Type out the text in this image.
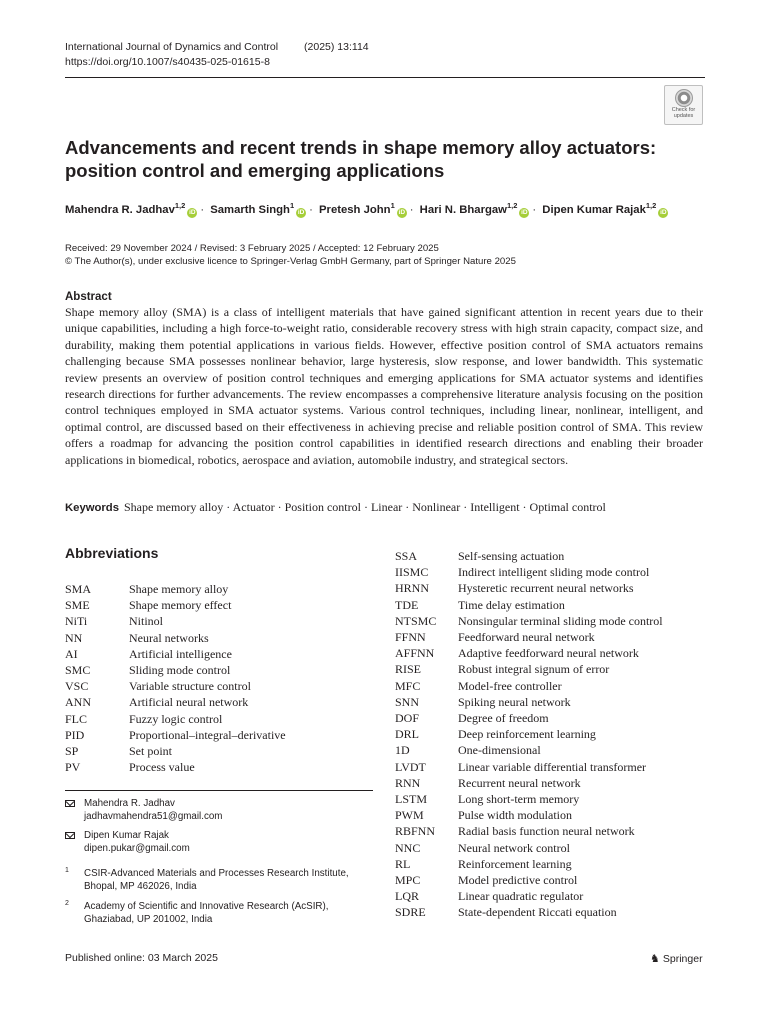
International Journal of Dynamics and Control (2025) 13:114
https://doi.org/10.1007/s40435-025-01615-8
Check for updates
Advancements and recent trends in shape memory alloy actuators:
position control and emerging applications
Mahendra R. Jadhav$^{1,2}$iD · Samarth Singh$^1$iD · Pretesh John$^1$iD · Hari N. Bhargaw$^{1,2}$iD · Dipen Kumar Rajak$^{1,2}$iD
Received: 29 November 2024 / Revised: 3 February 2025 / Accepted: 12 February 2025
© The Author(s), under exclusive licence to Springer-Verlag GmbH Germany, part of Springer Nature 2025
Abstract
Shape memory alloy (SMA) is a class of intelligent materials that have gained significant attention in recent years due to their unique capabilities, including a high force-to-weight ratio, considerable recovery stress with high strain capacity, compact size, and durability, making them potential applications in various fields. However, effective position control of SMA actuators remains challenging because SMA possesses nonlinear behavior, large hysteresis, slow response, and lower bandwidth. This systematic review presents an overview of position control techniques and emerging applications for SMA actuator systems and identifies research directions for further advancements. The review encompasses a comprehensive literature analysis focusing on the position control techniques employed in SMA actuator systems. Various control techniques, including linear, nonlinear, intelligent, and optimal control, are discussed based on their effectiveness in achieving precise and reliable position control of SMA. This review offers a roadmap for advancing the position control capabilities in identified research directions and enabling their broader applications in biomedical, robotics, aerospace and aviation, automobile industry, and strategical sectors.
Keywords Shape memory alloy · Actuator · Position control · Linear · Nonlinear · Intelligent · Optimal control
Abbreviations
SMA	Shape memory alloy
SME	Shape memory effect
NiTi	Nitinol
NN	Neural networks
AI	Artificial intelligence
SMC	Sliding mode control
VSC	Variable structure control
ANN	Artificial neural network
FLC	Fuzzy logic control
PID	Proportional–integral–derivative
SP	Set point
PV	Process value
SSA	Self-sensing actuation
IISMC Indirect intelligent sliding mode control
HRNN Hysteretic recurrent neural networks
TDE	Time delay estimation
NTSMC Nonsingular terminal sliding mode control
FFNN	Feedforward neural network
AFFNN Adaptive feedforward neural network
RISE	Robust integral signum of error
MFC	Model-free controller
SNN	Spiking neural network
DOF	Degree of freedom
DRL	Deep reinforcement learning
1D	One-dimensional
LVDT	Linear variable differential transformer
RNN	Recurrent neural network
LSTM	Long short-term memory
PWM	Pulse width modulation
RBFNN Radial basis function neural network
NNC	Neural network control
RL	Reinforcement learning
MPC	Model predictive control
LQR	Linear quadratic regulator
SDRE	State-dependent Riccati equation
Mahendra R. Jadhav
jadhavmahendra51@gmail.com
Dipen Kumar Rajak
dipen.pukar@gmail.com
1 CSIR-Advanced Materials and Processes Research Institute,
Bhopal, MP 462026, India
2 Academy of Scientific and Innovative Research (AcSIR),
Ghaziabad, UP 201002, India
Published online: 03 March 2025	♞ Springer
